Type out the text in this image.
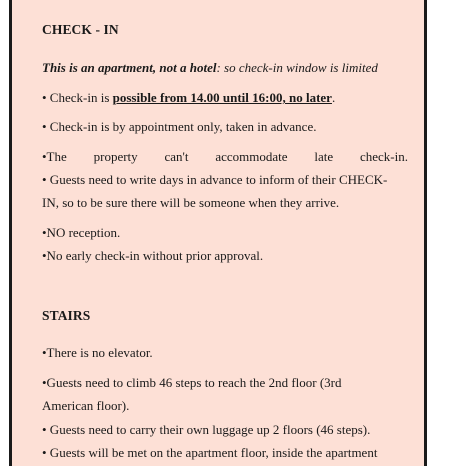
CHECK - IN
This is an apartment, not a hotel: so check-in window is limited
• Check-in is possible from 14.00 until 16:00, no later.
• Check-in is by appointment only, taken in advance.
•The property can't accommodate late check-in.
• Guests need to write days in advance to inform of their CHECK-
IN, so to be sure there will be someone when they arrive.
•NO reception.
•No early check-in without prior approval.
STAIRS
•There is no elevator.
•Guests need to climb 46 steps to reach the 2nd floor (3rd
American floor).
• Guests need to carry their own luggage up 2 floors (46 steps).
• Guests will be met on the apartment floor, inside the apartment
